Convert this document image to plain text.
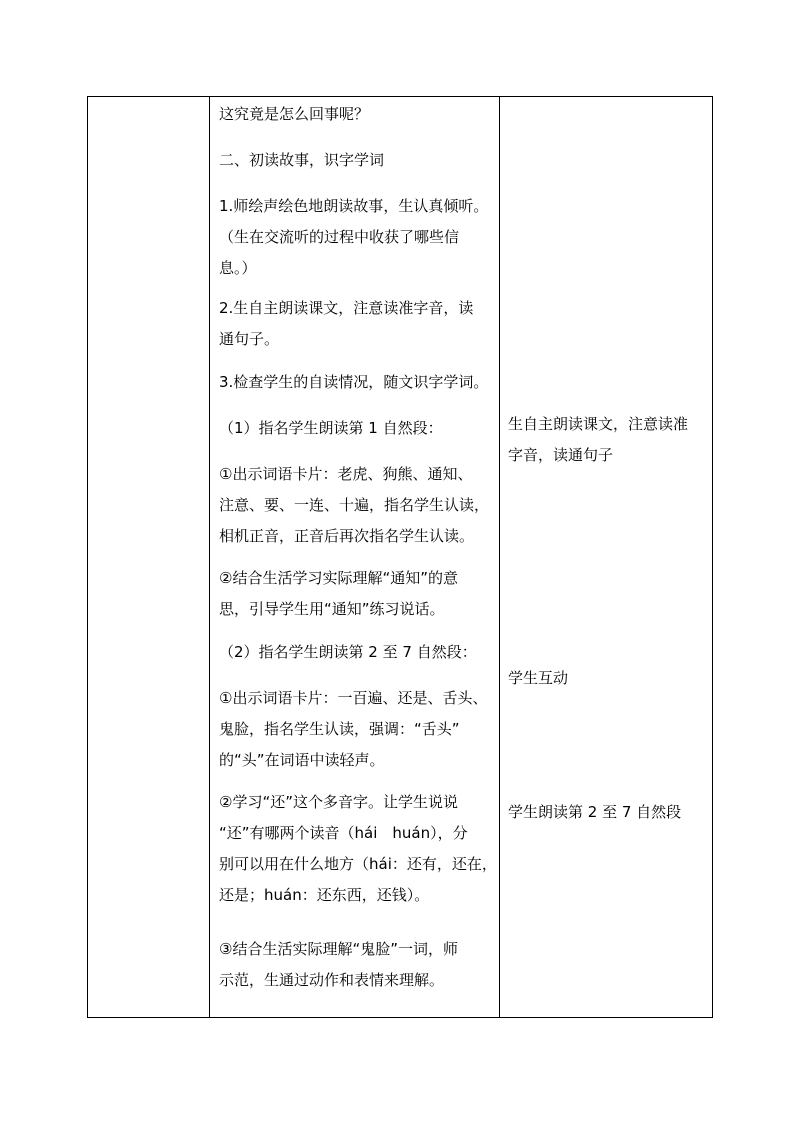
这究竟是怎么回事呢？
二、初读故事，识字学词
1.师绘声绘色地朗读故事，生认真倾听。
（生在交流听的过程中收获了哪些信
息。）
2.生自主朗读课文，注意读准字音，读
通句子。
3.检查学生的自读情况，随文识字学词。
（1）指名学生朗读第 1 自然段：
①出示词语卡片：老虎、狗熊、通知、
注意、要、一连、十遍，指名学生认读，
相机正音，正音后再次指名学生认读。
②结合生活学习实际理解“通知”的意
思，引导学生用“通知”练习说话。
（2）指名学生朗读第 2 至 7 自然段：
①出示词语卡片：一百遍、还是、舌头、
鬼脸，指名学生认读，强调：“舌头”
的“头”在词语中读轻声。
②学习“还”这个多音字。让学生说说
“还”有哪两个读音（hái　huán），分
别可以用在什么地方（hái：还有，还在，
还是；huán：还东西，还钱）。
③结合生活实际理解“鬼脸”一词，师
示范，生通过动作和表情来理解。
生自主朗读课文，注意读准
字音，读通句子
学生互动
学生朗读第 2 至 7 自然段
